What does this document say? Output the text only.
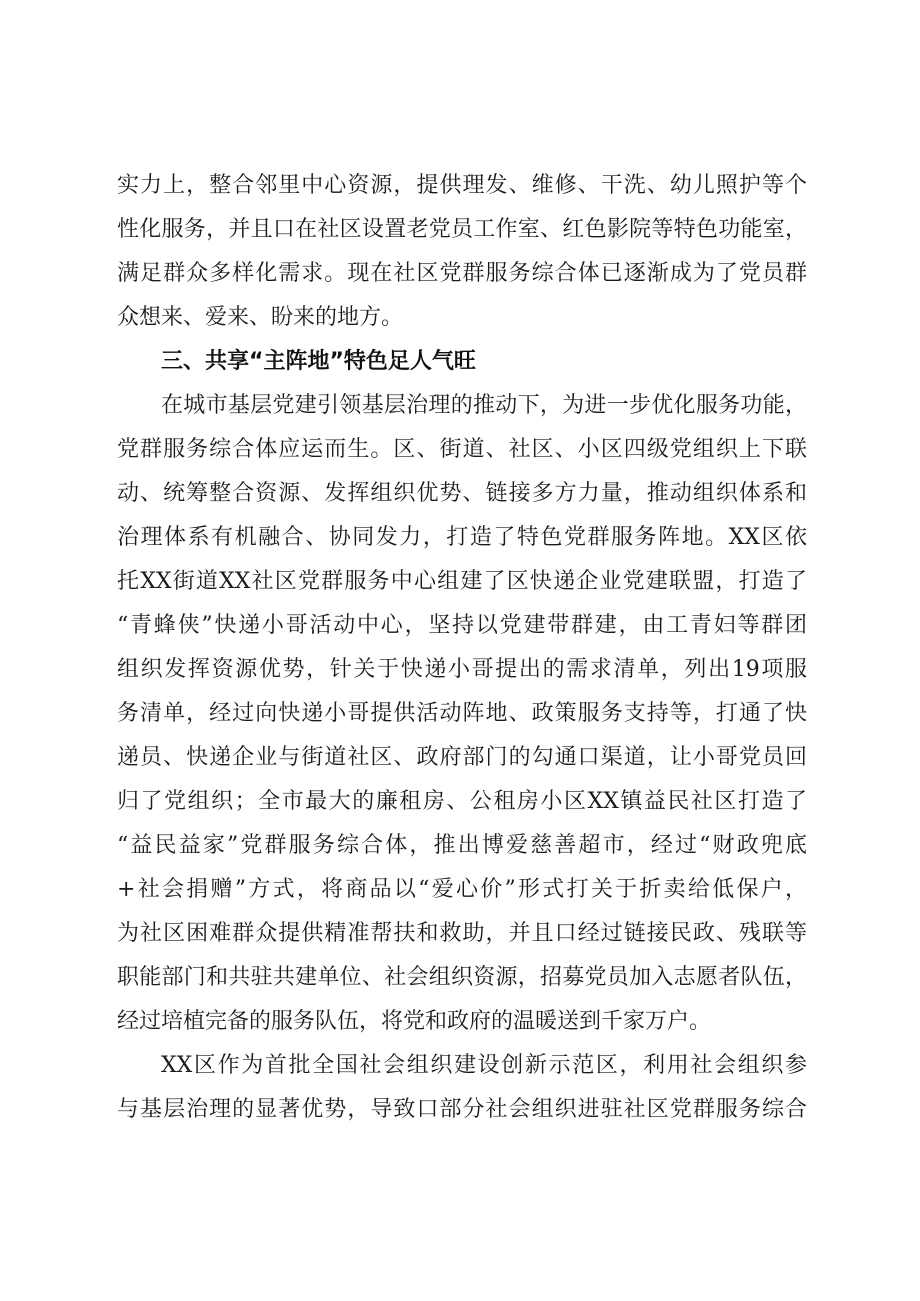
实力上，整合邻里中心资源，提供理发、维修、干洗、幼儿照护等个
性化服务，并且口在社区设置老党员工作室、红色影院等特色功能室，
满足群众多样化需求。现在社区党群服务综合体已逐渐成为了党员群
众想来、爱来、盼来的地方。
三、共享“主阵地”特色足人气旺
在城市基层党建引领基层治理的推动下，为进一步优化服务功能，
党群服务综合体应运而生。区、街道、社区、小区四级党组织上下联
动、统筹整合资源、发挥组织优势、链接多方力量，推动组织体系和
治理体系有机融合、协同发力，打造了特色党群服务阵地。XX区依
托XX街道XX社区党群服务中心组建了区快递企业党建联盟，打造了
“青蜂侠”快递小哥活动中心，坚持以党建带群建，由工青妇等群团
组织发挥资源优势，针关于快递小哥提出的需求清单，列出19项服
务清单，经过向快递小哥提供活动阵地、政策服务支持等，打通了快
递员、快递企业与街道社区、政府部门的勾通口渠道，让小哥党员回
归了党组织；全市最大的廉租房、公租房小区XX镇益民社区打造了
“益民益家”党群服务综合体，推出博爱慈善超市，经过“财政兜底
+社会捐赠”方式，将商品以“爱心价”形式打关于折卖给低保户，
为社区困难群众提供精准帮扶和救助，并且口经过链接民政、残联等
职能部门和共驻共建单位、社会组织资源，招募党员加入志愿者队伍，
经过培植完备的服务队伍，将党和政府的温暖送到千家万户。
XX区作为首批全国社会组织建设创新示范区，利用社会组织参
与基层治理的显著优势，导致口部分社会组织进驻社区党群服务综合
